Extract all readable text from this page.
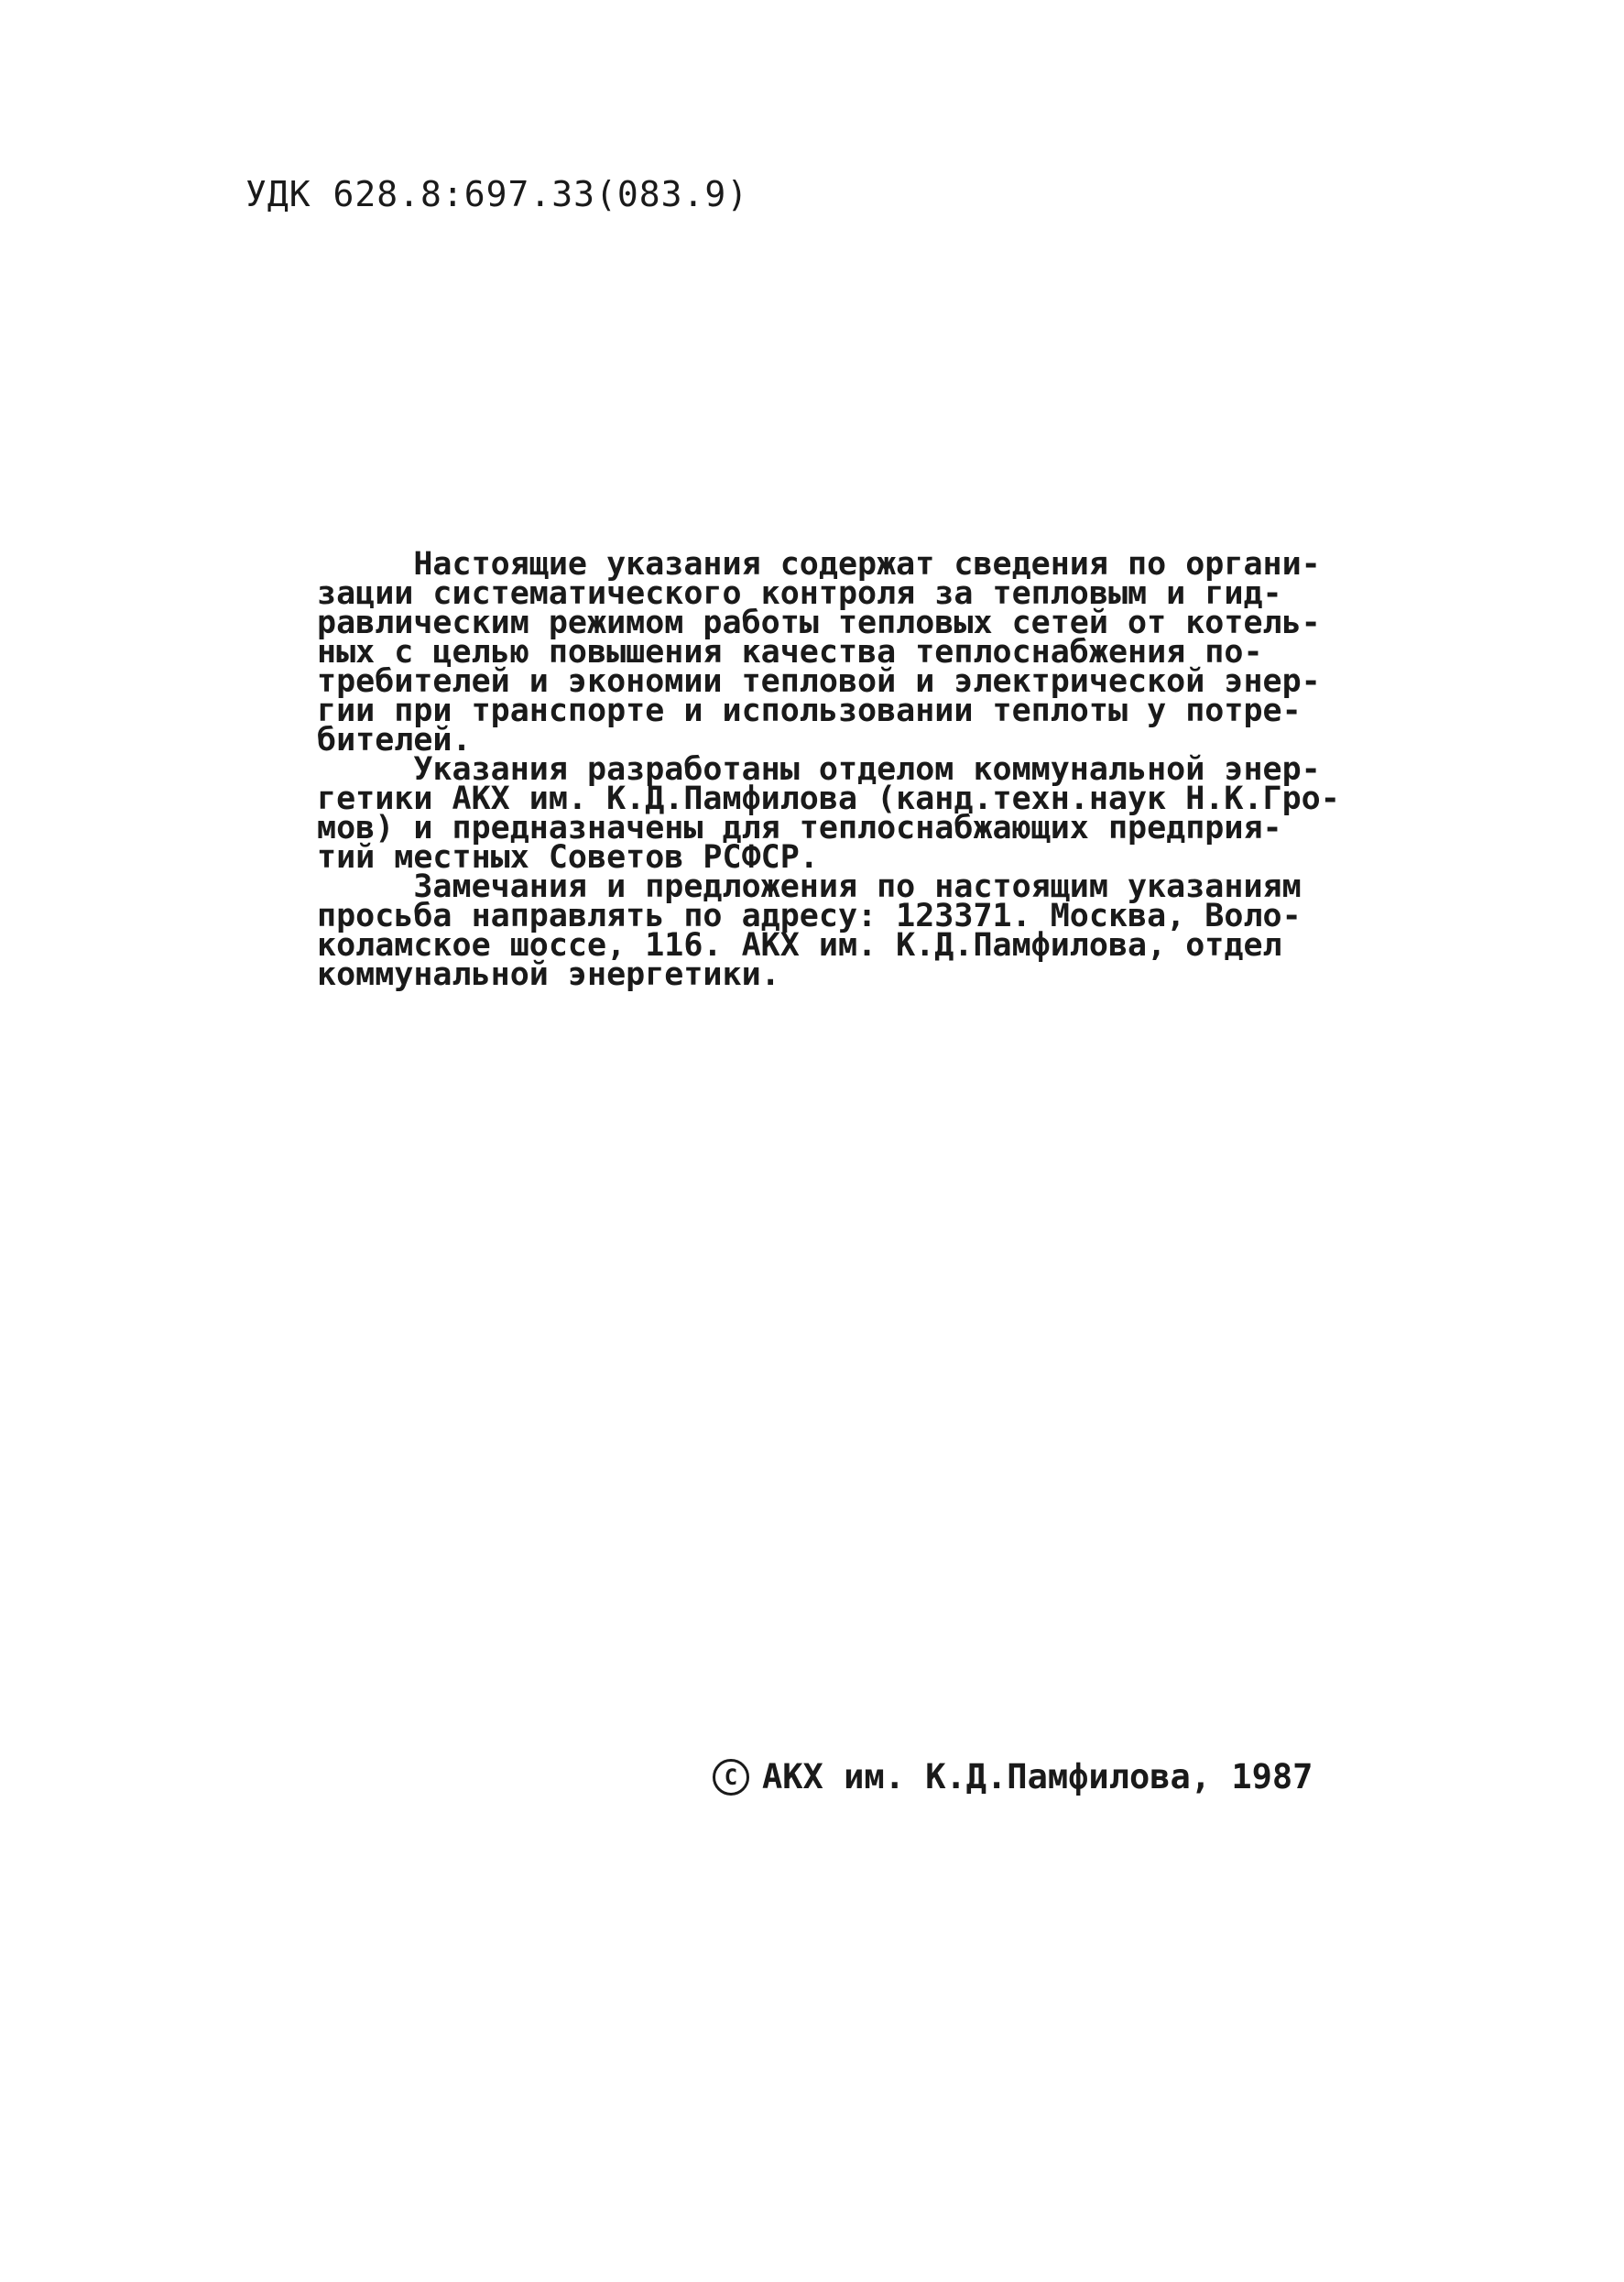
УДК 628.8:697.33(083.9)
Настоящие указания содержат сведения по органи-
зации систематического контроля за тепловым и гид-
равлическим режимом работы тепловых сетей от котель-
ных с целью повышения качества теплоснабжения по-
требителей и экономии тепловой и электрической энер-
гии при транспорте и использовании теплоты у потре-
бителей.
Указания разработаны отделом коммунальной энер-
гетики АКХ им. К.Д.Памфилова (канд.техн.наук Н.К.Гро-
мов) и предназначены для теплоснабжающих предприя-
тий местных Советов РСФСР.
Замечания и предложения по настоящим указаниям
просьба направлять по адресу: 123371. Москва, Воло-
коламское шоссе, 116. АКХ им. К.Д.Памфилова, отдел
коммунальной энергетики.
С АКХ им. К.Д.Памфилова, 1987
